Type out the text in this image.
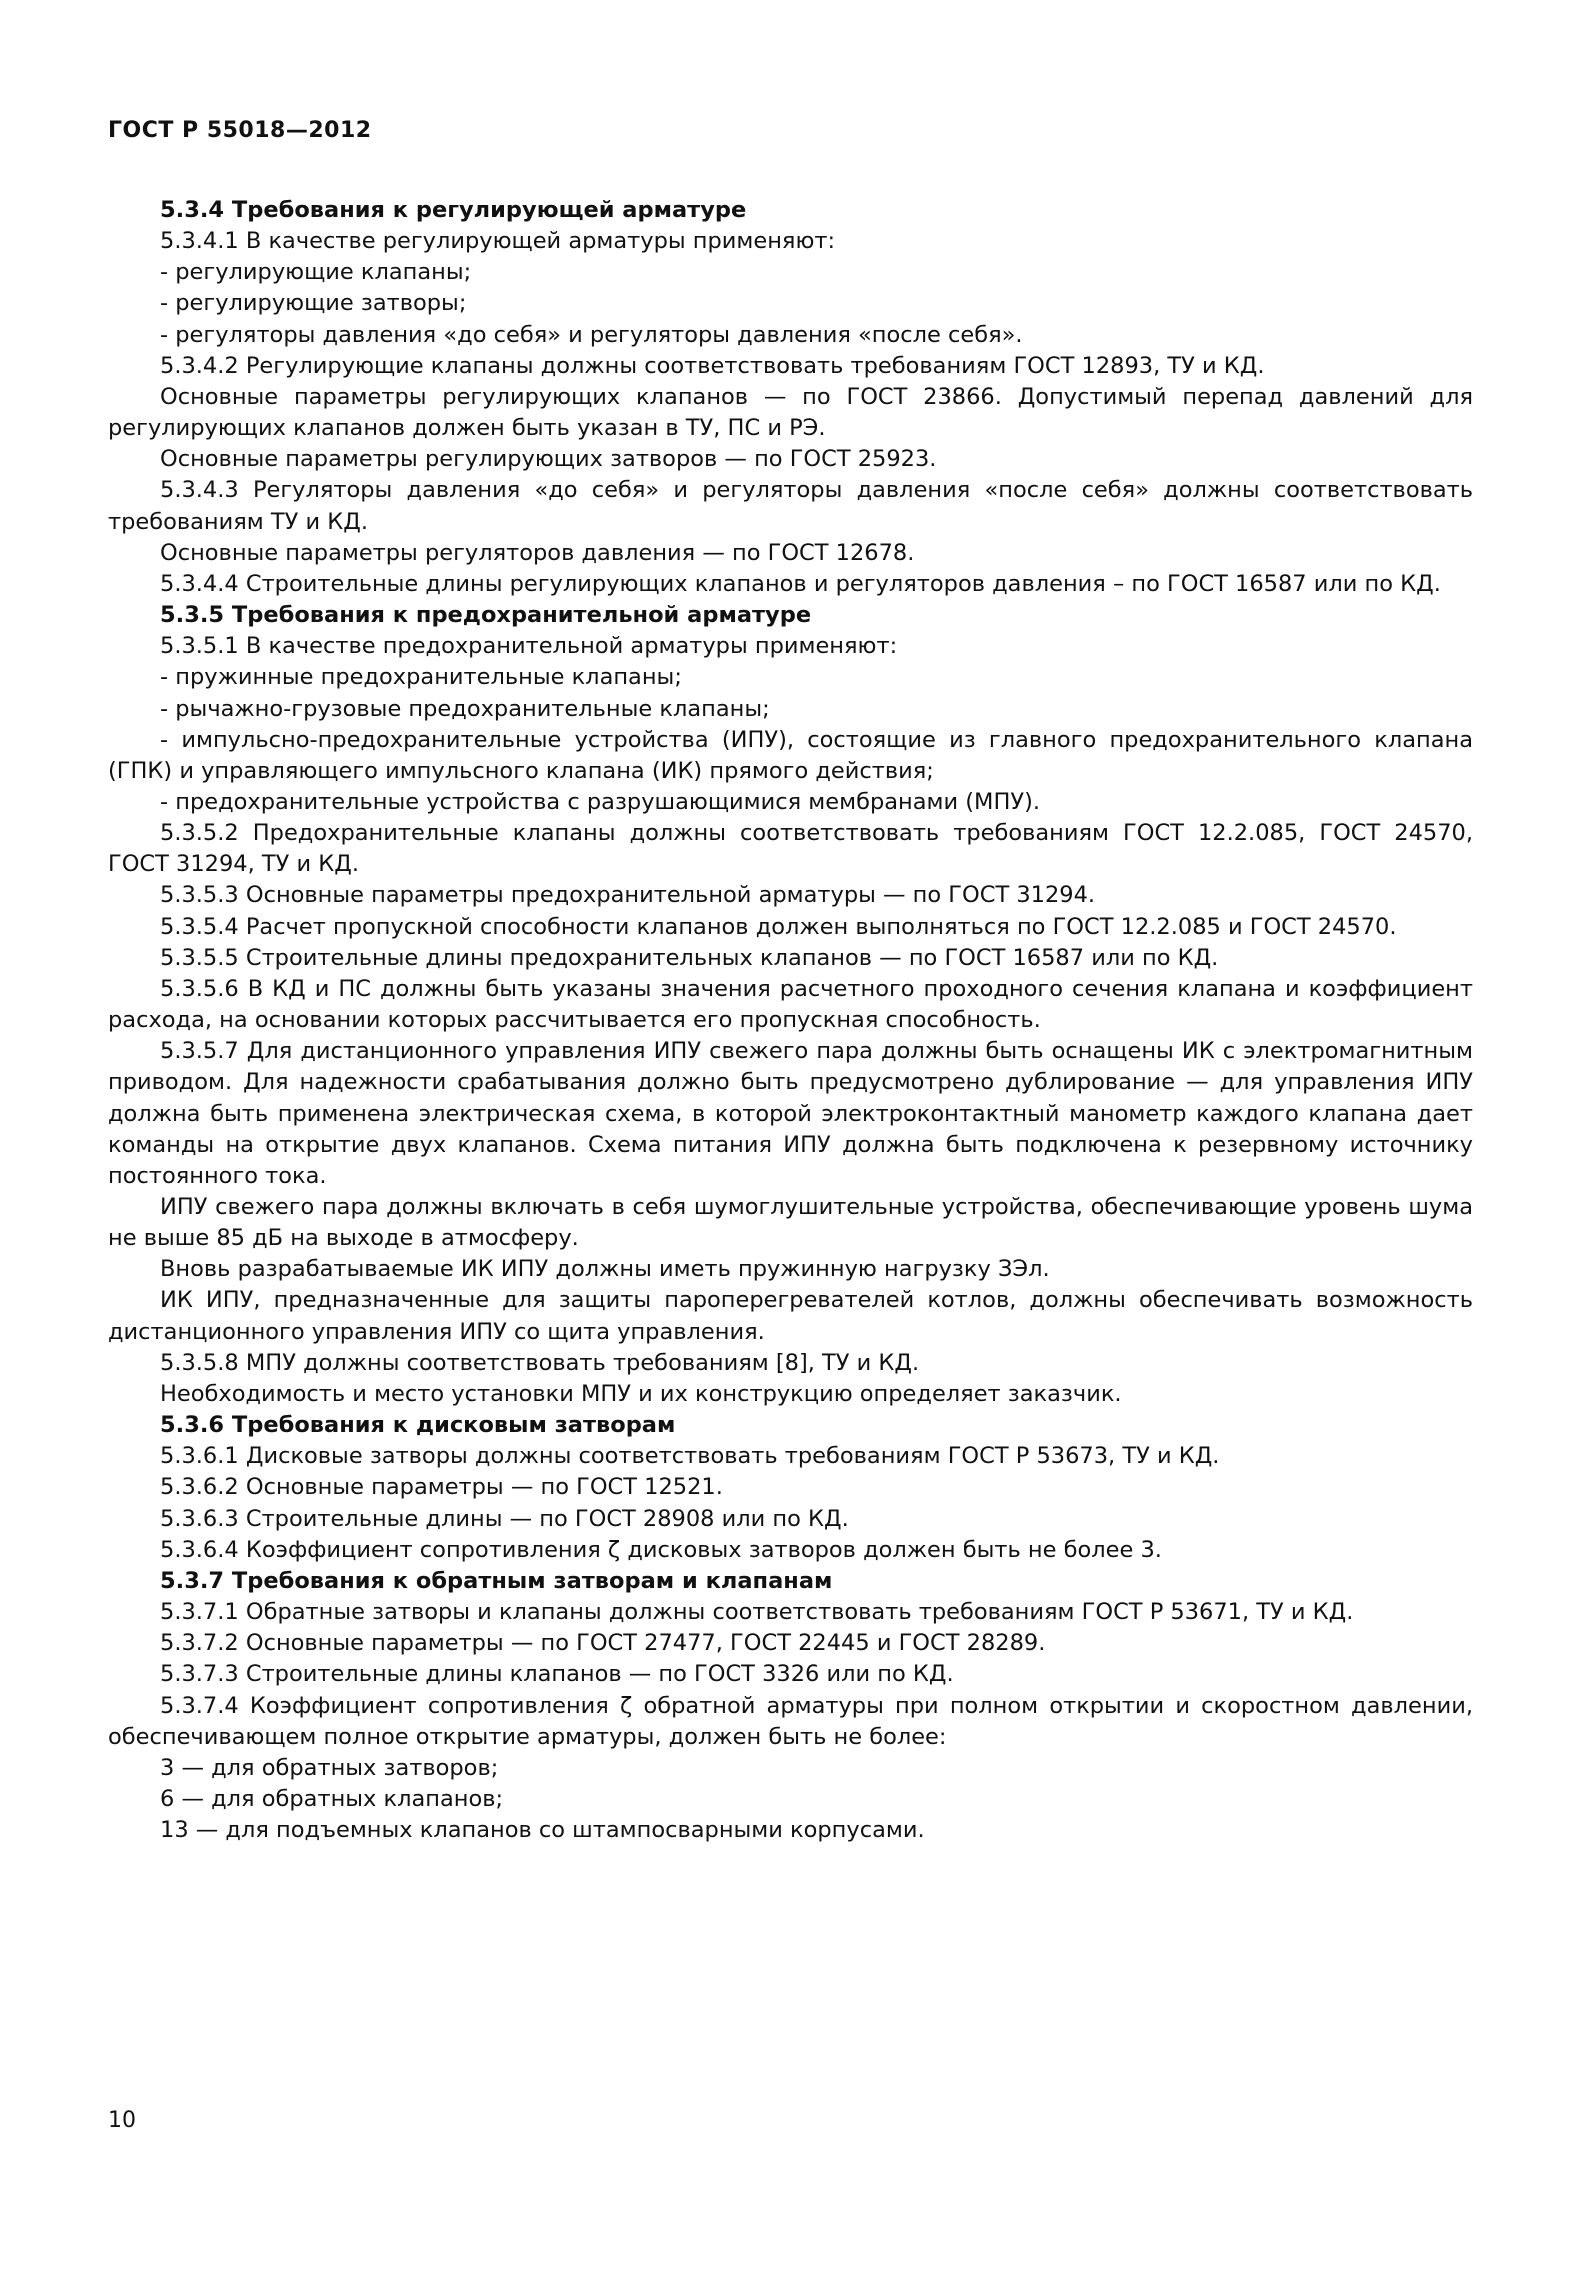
ГОСТ Р 55018—2012

5.3.4 Требования к регулирующей арматуре

5.3.4.1 В качестве регулирующей арматуры применяют:

- регулирующие клапаны;

- регулирующие затворы;

- регуляторы давления «до себя» и регуляторы давления «после себя».

5.3.4.2 Регулирующие клапаны должны соответствовать требованиям ГОСТ 12893, ТУ и КД.

Основные параметры регулирующих клапанов — по ГОСТ 23866. Допустимый перепад давлений для регулирующих клапанов должен быть указан в ТУ, ПС и РЭ.

Основные параметры регулирующих затворов — по ГОСТ 25923.

5.3.4.3 Регуляторы давления «до себя» и регуляторы давления «после себя» должны соответствовать требованиям ТУ и КД.

Основные параметры регуляторов давления — по ГОСТ 12678.

5.3.4.4 Строительные длины регулирующих клапанов и регуляторов давления – по ГОСТ 16587 или по КД.

5.3.5 Требования к предохранительной арматуре

5.3.5.1 В качестве предохранительной арматуры применяют:

- пружинные предохранительные клапаны;

- рычажно-грузовые предохранительные клапаны;

- импульсно-предохранительные устройства (ИПУ), состоящие из главного предохранительного клапана (ГПК) и управляющего импульсного клапана (ИК) прямого действия;

- предохранительные устройства с разрушающимися мембранами (МПУ).

5.3.5.2 Предохранительные клапаны должны соответствовать требованиям ГОСТ 12.2.085, ГОСТ 24570, ГОСТ 31294, ТУ и КД.

5.3.5.3 Основные параметры предохранительной арматуры — по ГОСТ 31294.

5.3.5.4 Расчет пропускной способности клапанов должен выполняться по ГОСТ 12.2.085 и ГОСТ 24570.

5.3.5.5 Строительные длины предохранительных клапанов — по ГОСТ 16587 или по КД.

5.3.5.6 В КД и ПС должны быть указаны значения расчетного проходного сечения клапана и коэффициент расхода, на основании которых рассчитывается его пропускная способность.

5.3.5.7 Для дистанционного управления ИПУ свежего пара должны быть оснащены ИК с электромагнитным приводом. Для надежности срабатывания должно быть предусмотрено дублирование — для управления ИПУ должна быть применена электрическая схема, в которой электроконтактный манометр каждого клапана дает команды на открытие двух клапанов. Схема питания ИПУ должна быть подключена к резервному источнику постоянного тока.

ИПУ свежего пара должны включать в себя шумоглушительные устройства, обеспечивающие уровень шума не выше 85 дБ на выходе в атмосферу.

Вновь разрабатываемые ИК ИПУ должны иметь пружинную нагрузку ЗЭл.

ИК ИПУ, предназначенные для защиты пароперегревателей котлов, должны обеспечивать возможность дистанционного управления ИПУ со щита управления.

5.3.5.8 МПУ должны соответствовать требованиям [8], ТУ и КД.

Необходимость и место установки МПУ и их конструкцию определяет заказчик.

5.3.6 Требования к дисковым затворам

5.3.6.1 Дисковые затворы должны соответствовать требованиям ГОСТ Р 53673, ТУ и КД.

5.3.6.2 Основные параметры — по ГОСТ 12521.

5.3.6.3 Строительные длины — по ГОСТ 28908 или по КД.

5.3.6.4 Коэффициент сопротивления ζ дисковых затворов должен быть не более 3.

5.3.7 Требования к обратным затворам и клапанам

5.3.7.1 Обратные затворы и клапаны должны соответствовать требованиям ГОСТ Р 53671, ТУ и КД.

5.3.7.2 Основные параметры — по ГОСТ 27477, ГОСТ 22445 и ГОСТ 28289.

5.3.7.3 Строительные длины клапанов — по ГОСТ 3326 или по КД.

5.3.7.4 Коэффициент сопротивления ζ обратной арматуры при полном открытии и скоростном давлении, обеспечивающем полное открытие арматуры, должен быть не более:

3 — для обратных затворов;

6 — для обратных клапанов;

13 — для подъемных клапанов со штампосварными корпусами.

10
